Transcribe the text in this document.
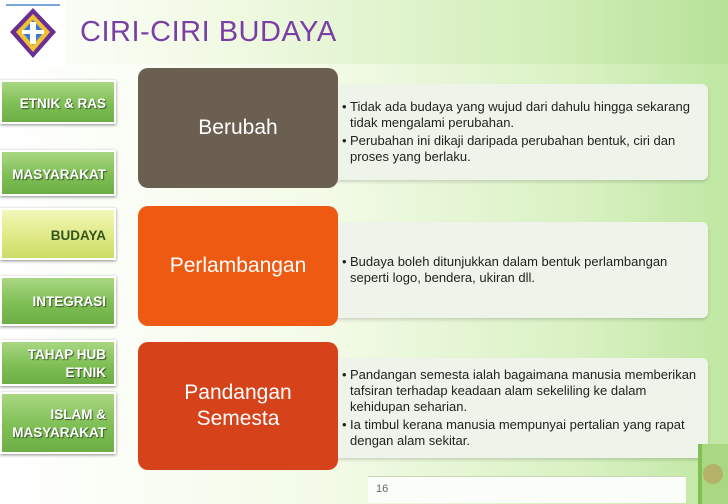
CIRI-CIRI BUDAYA
ETNIK & RAS
MASYARAKAT
BUDAYA
INTEGRASI
TAHAP HUB
ETNIK
ISLAM &
MASYARAKAT
• Tidak ada budaya yang wujud dari dahulu hingga sekarang tidak mengalami perubahan.
• Perubahan ini dikaji daripada perubahan bentuk, ciri dan proses yang berlaku.
Berubah
• Budaya boleh ditunjukkan dalam bentuk perlambangan seperti logo, bendera, ukiran dll.
Perlambangan
• Pandangan semesta ialah bagaimana manusia memberikan tafsiran terhadap keadaan alam sekeliling ke dalam kehidupan seharian.
• Ia timbul kerana manusia mempunyai pertalian yang rapat dengan alam sekitar.
Pandangan Semesta
16
